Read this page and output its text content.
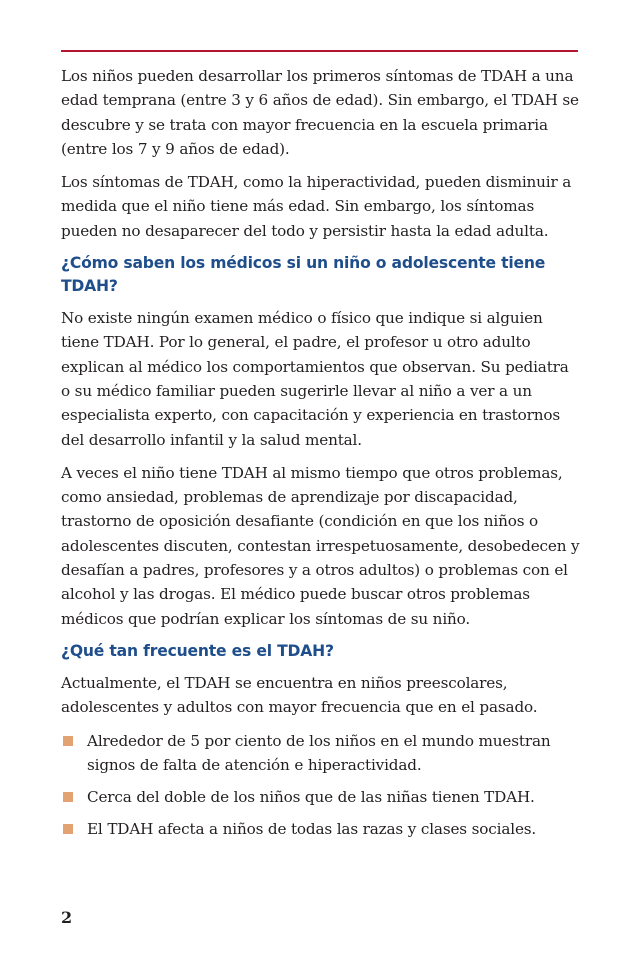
Los niños pueden desarrollar los primeros síntomas de TDAH a una edad temprana (entre 3 y 6 años de edad). Sin embargo, el TDAH se descubre y se trata con mayor frecuencia en la escuela primaria (entre los 7 y 9 años de edad).

Los síntomas de TDAH, como la hiperactividad, pueden disminuir a medida que el niño tiene más edad. Sin embargo, los síntomas pueden no desaparecer del todo y persistir hasta la edad adulta.

¿Cómo saben los médicos si un niño o adolescente tiene TDAH?

No existe ningún examen médico o físico que indique si alguien tiene TDAH. Por lo general, el padre, el profesor u otro adulto explican al médico los comportamientos que observan. Su pediatra o su médico familiar pueden sugerirle llevar al niño a ver a un especialista experto, con capacitación y experiencia en trastornos del desarrollo infantil y la salud mental.

A veces el niño tiene TDAH al mismo tiempo que otros problemas, como ansiedad, problemas de aprendizaje por discapacidad, trastorno de oposición desafiante (condición en que los niños o adolescentes discuten, contestan irrespetuosamente, desobedecen y desafían a padres, profesores y a otros adultos) o problemas con el alcohol y las drogas. El médico puede buscar otros problemas médicos que podrían explicar los síntomas de su niño.

¿Qué tan frecuente es el TDAH?

Actualmente, el TDAH se encuentra en niños preescolares, adolescentes y adultos con mayor frecuencia que en el pasado.

Alrededor de 5 por ciento de los niños en el mundo muestran signos de falta de atención e hiperactividad.
Cerca del doble de los niños que de las niñas tienen TDAH.
El TDAH afecta a niños de todas las razas y clases sociales.
2
